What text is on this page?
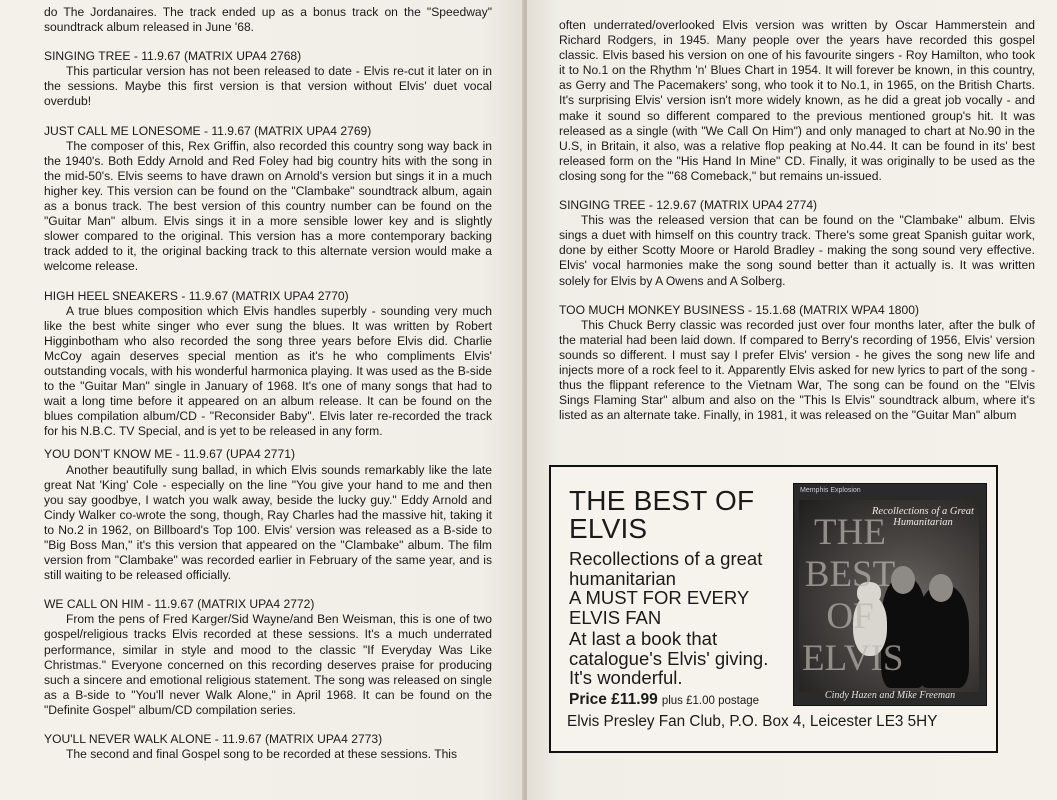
do The Jordanaires. The track ended up as a bonus track on the "Speedway" soundtrack album released in June '68.

SINGING TREE - 11.9.67 (MATRIX UPA4 2768)

This particular version has not been released to date - Elvis re-cut it later on in the sessions. Maybe this first version is that version without Elvis' duet vocal overdub!

JUST CALL ME LONESOME - 11.9.67 (MATRIX UPA4 2769)

The composer of this, Rex Griffin, also recorded this country song way back in the 1940's. Both Eddy Arnold and Red Foley had big country hits with the song in the mid-50's. Elvis seems to have drawn on Arnold's version but sings it in a much higher key. This version can be found on the "Clambake" soundtrack album, again as a bonus track. The best version of this country number can be found on the "Guitar Man" album. Elvis sings it in a more sensible lower key and is slightly slower compared to the original. This version has a more contemporary backing track added to it, the original backing track to this alternate version would make a welcome release.

HIGH HEEL SNEAKERS - 11.9.67 (MATRIX UPA4 2770)

A true blues composition which Elvis handles superbly - sounding very much like the best white singer who ever sung the blues. It was written by Robert Higginbotham who also recorded the song three years before Elvis did. Charlie McCoy again deserves special mention as it's he who compliments Elvis' outstanding vocals, with his wonderful harmonica playing. It was used as the B-side to the "Guitar Man" single in January of 1968. It's one of many songs that had to wait a long time before it appeared on an album release. It can be found on the blues compilation album/CD - "Reconsider Baby". Elvis later re-recorded the track for his N.B.C. TV Special, and is yet to be released in any form.

YOU DON'T KNOW ME - 11.9.67 (UPA4 2771)

Another beautifully sung ballad, in which Elvis sounds remarkably like the late great Nat 'King' Cole - especially on the line "You give your hand to me and then you say goodbye, I watch you walk away, beside the lucky guy." Eddy Arnold and Cindy Walker co-wrote the song, though, Ray Charles had the massive hit, taking it to No.2 in 1962, on Billboard's Top 100. Elvis' version was released as a B-side to "Big Boss Man," it's this version that appeared on the "Clambake" album. The film version from "Clambake" was recorded earlier in February of the same year, and is still waiting to be released officially.

WE CALL ON HIM - 11.9.67 (MATRIX UPA4 2772)

From the pens of Fred Karger/Sid Wayne/and Ben Weisman, this is one of two gospel/religious tracks Elvis recorded at these sessions. It's a much underrated performance, similar in style and mood to the classic "If Everyday Was Like Christmas." Everyone concerned on this recording deserves praise for producing such a sincere and emotional religious statement. The song was released on single as a B-side to "You'll never Walk Alone," in April 1968. It can be found on the "Definite Gospel" album/CD compilation series.

YOU'LL NEVER WALK ALONE - 11.9.67 (MATRIX UPA4 2773)

The second and final Gospel song to be recorded at these sessions. This

often underrated/overlooked Elvis version was written by Oscar Hammerstein and Richard Rodgers, in 1945. Many people over the years have recorded this gospel classic. Elvis based his version on one of his favourite singers - Roy Hamilton, who took it to No.1 on the Rhythm 'n' Blues Chart in 1954. It will forever be known, in this country, as Gerry and The Pacemakers' song, who took it to No.1, in 1965, on the British Charts. It's surprising Elvis' version isn't more widely known, as he did a great job vocally - and make it sound so different compared to the previous mentioned group's hit. It was released as a single (with "We Call On Him") and only managed to chart at No.90 in the U.S, in Britain, it also, was a relative flop peaking at No.44. It can be found in its' best released form on the "His Hand In Mine" CD. Finally, it was originally to be used as the closing song for the "'68 Comeback," but remains un-issued.

SINGING TREE - 12.9.67 (MATRIX UPA4 2774)

This was the released version that can be found on the "Clambake" album. Elvis sings a duet with himself on this country track. There's some great Spanish guitar work, done by either Scotty Moore or Harold Bradley - making the song sound very effective. Elvis' vocal harmonies make the song sound better than it actually is. It was written solely for Elvis by A Owens and A Solberg.

TOO MUCH MONKEY BUSINESS - 15.1.68 (MATRIX WPA4 1800)

This Chuck Berry classic was recorded just over four months later, after the bulk of the material had been laid down. If compared to Berry's recording of 1956, Elvis' version sounds so different. I must say I prefer Elvis' version - he gives the song new life and injects more of a rock feel to it. Apparently Elvis asked for new lyrics to part of the song - thus the flippant reference to the Vietnam War, The song can be found on the "Elvis Sings Flaming Star" album and also on the "This Is Elvis" soundtrack album, where it's listed as an alternate take. Finally, in 1981, it was released on the "Guitar Man" album

THE BEST OF
ELVIS
Recollections of a great humanitarian
A MUST FOR EVERY ELVIS FAN
At last a book that catalogue's Elvis' giving. It's wonderful.
Price £11.99 plus £1.00 postage
Memphis Explosion
THE BEST OF ELVIS
Recollections of a Great Humanitarian
Cindy Hazen and Mike Freeman
Elvis Presley Fan Club, P.O. Box 4, Leicester LE3 5HY
